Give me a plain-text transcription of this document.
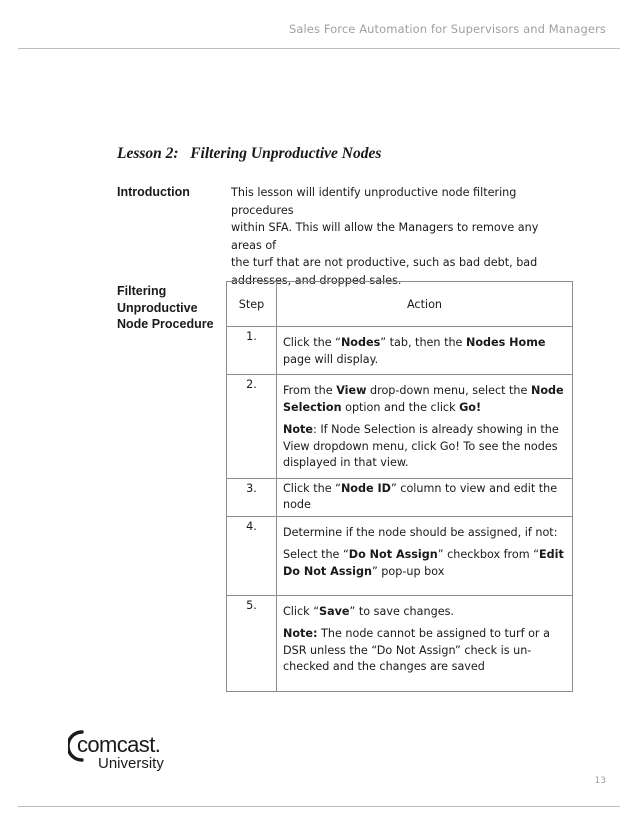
Sales Force Automation for Supervisors and Managers
Lesson 2:   Filtering Unproductive Nodes
Introduction	This lesson will identify unproductive node filtering procedures
within SFA. This will allow the Managers to remove any areas of
the turf that are not productive, such as bad debt, bad
addresses, and dropped sales.
Filtering
Unproductive
Node Procedure
Step	Action
1.	Click the “Nodes” tab, then the Nodes Home page will display.

2.	From the View drop-down menu, select the Node Selection option and the click Go!

Note: If Node Selection is already showing in the View dropdown menu, click Go! To see the nodes displayed in that view.

3.	Click the “Node ID” column to view and edit the node

4.	Determine if the node should be assigned, if not:

Select the “Do Not Assign” checkbox from “Edit Do Not Assign” pop-up box

5.	Click “Save” to save changes.

Note: The node cannot be assigned to turf or a DSR unless the “Do Not Assign” check is un-checked and the changes are saved

comcast.
University
13
